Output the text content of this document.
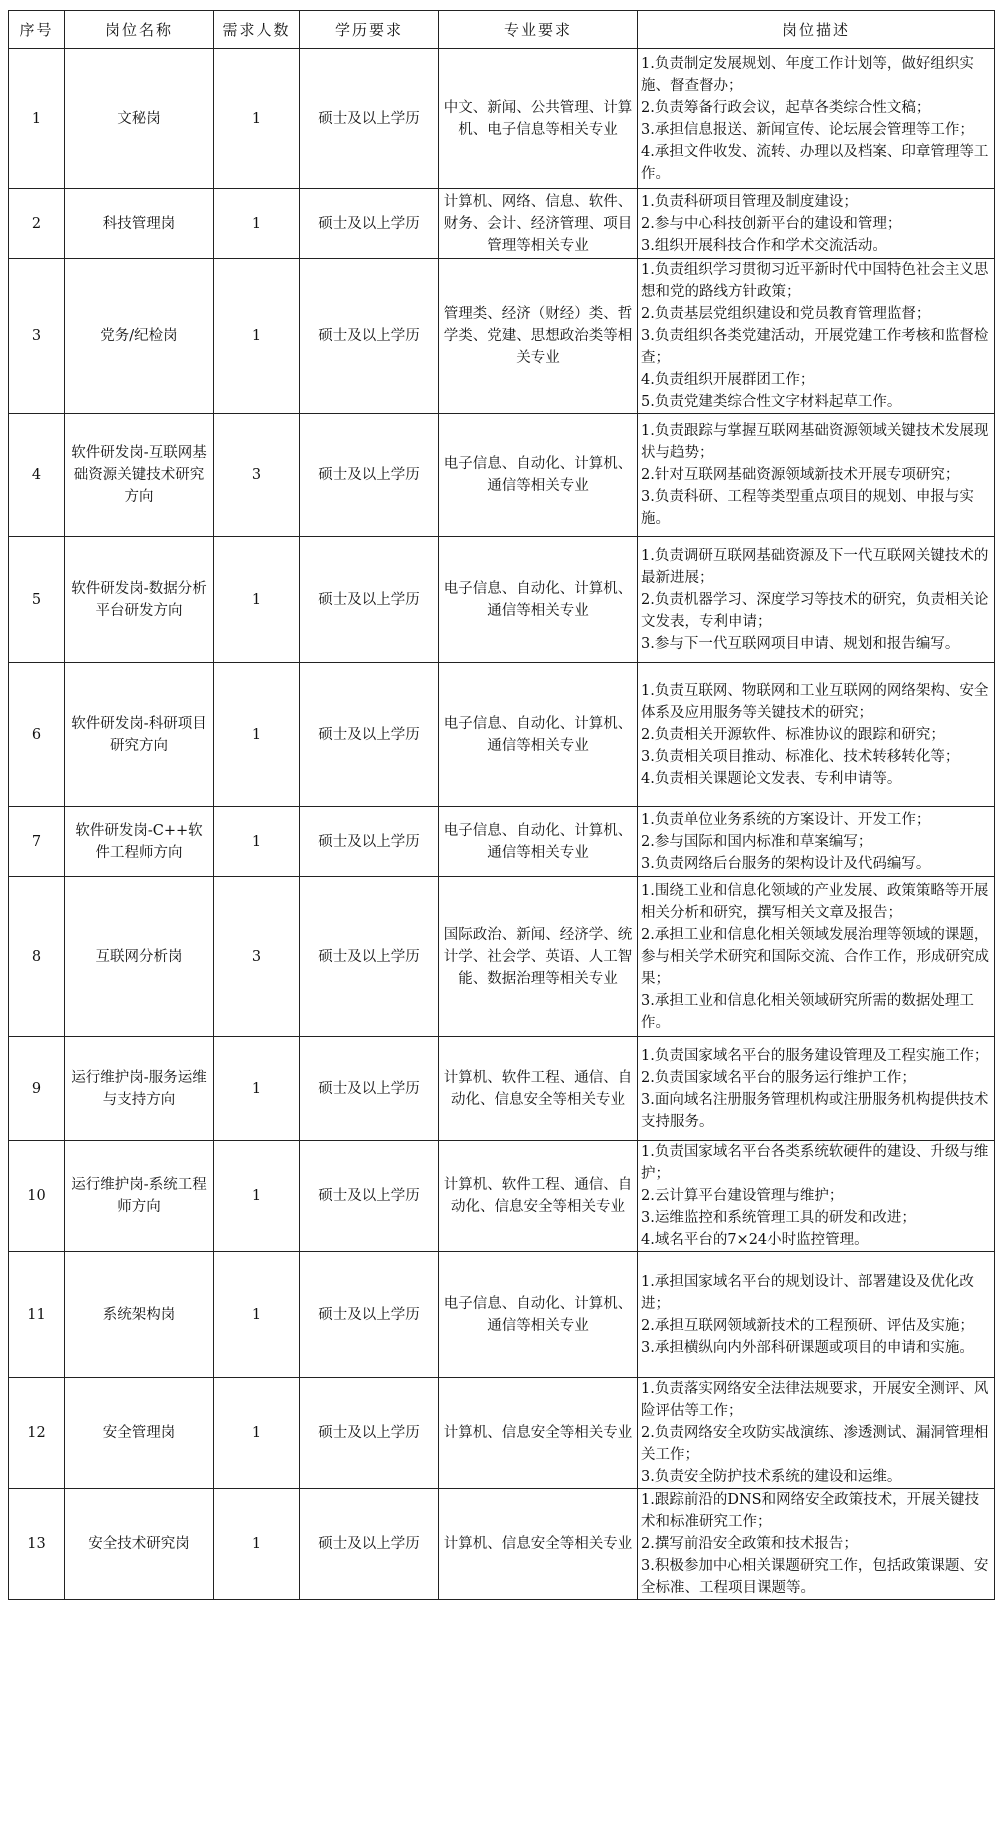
序号	岗位名称	需求人数	学历要求	专业要求	岗位描述
1	文秘岗	1	硕士及以上学历	中文、新闻、公共管理、计算机、电子信息等相关专业	1.负责制定发展规划、年度工作计划等，做好组织实施、督查督办；
2.负责筹备行政会议，起草各类综合性文稿；
3.承担信息报送、新闻宣传、论坛展会管理等工作；
4.承担文件收发、流转、办理以及档案、印章管理等工作。

2	科技管理岗	1	硕士及以上学历	计算机、网络、信息、软件、财务、会计、经济管理、项目管理等相关专业	1.负责科研项目管理及制度建设；
2.参与中心科技创新平台的建设和管理；
3.组织开展科技合作和学术交流活动。

3	党务/纪检岗	1	硕士及以上学历	管理类、经济（财经）类、哲学类、党建、思想政治类等相关专业	1.负责组织学习贯彻习近平新时代中国特色社会主义思想和党的路线方针政策；
2.负责基层党组织建设和党员教育管理监督；
3.负责组织各类党建活动，开展党建工作考核和监督检查；
4.负责组织开展群团工作；
5.负责党建类综合性文字材料起草工作。

4	软件研发岗-互联网基础资源关键技术研究方向	3	硕士及以上学历	电子信息、自动化、计算机、通信等相关专业	1.负责跟踪与掌握互联网基础资源领域关键技术发展现状与趋势；
2.针对互联网基础资源领域新技术开展专项研究；
3.负责科研、工程等类型重点项目的规划、申报与实施。

5	软件研发岗-数据分析平台研发方向	1	硕士及以上学历	电子信息、自动化、计算机、通信等相关专业	1.负责调研互联网基础资源及下一代互联网关键技术的最新进展；
2.负责机器学习、深度学习等技术的研究，负责相关论文发表，专利申请；
3.参与下一代互联网项目申请、规划和报告编写。

6	软件研发岗-科研项目研究方向	1	硕士及以上学历	电子信息、自动化、计算机、通信等相关专业	1.负责互联网、物联网和工业互联网的网络架构、安全体系及应用服务等关键技术的研究；
2.负责相关开源软件、标准协议的跟踪和研究；
3.负责相关项目推动、标准化、技术转移转化等；
4.负责相关课题论文发表、专利申请等。

7	软件研发岗-C++软件工程师方向	1	硕士及以上学历	电子信息、自动化、计算机、通信等相关专业	1.负责单位业务系统的方案设计、开发工作；
2.参与国际和国内标准和草案编写；
3.负责网络后台服务的架构设计及代码编写。

8	互联网分析岗	3	硕士及以上学历	国际政治、新闻、经济学、统计学、社会学、英语、人工智能、数据治理等相关专业	1.围绕工业和信息化领域的产业发展、政策策略等开展相关分析和研究，撰写相关文章及报告；
2.承担工业和信息化相关领域发展治理等领域的课题，参与相关学术研究和国际交流、合作工作，形成研究成果；
3.承担工业和信息化相关领域研究所需的数据处理工作。

9	运行维护岗-服务运维与支持方向	1	硕士及以上学历	计算机、软件工程、通信、自动化、信息安全等相关专业	1.负责国家域名平台的服务建设管理及工程实施工作；
2.负责国家域名平台的服务运行维护工作；
3.面向域名注册服务管理机构或注册服务机构提供技术支持服务。

10	运行维护岗-系统工程师方向	1	硕士及以上学历	计算机、软件工程、通信、自动化、信息安全等相关专业	1.负责国家域名平台各类系统软硬件的建设、升级与维护；
2.云计算平台建设管理与维护；
3.运维监控和系统管理工具的研发和改进；
4.域名平台的7×24小时监控管理。

11	系统架构岗	1	硕士及以上学历	电子信息、自动化、计算机、通信等相关专业	1.承担国家域名平台的规划设计、部署建设及优化改进；
2.承担互联网领域新技术的工程预研、评估及实施；
3.承担横纵向内外部科研课题或项目的申请和实施。

12	安全管理岗	1	硕士及以上学历	计算机、信息安全等相关专业	1.负责落实网络安全法律法规要求，开展安全测评、风险评估等工作；
2.负责网络安全攻防实战演练、渗透测试、漏洞管理相关工作；
3.负责安全防护技术系统的建设和运维。

13	安全技术研究岗	1	硕士及以上学历	计算机、信息安全等相关专业	1.跟踪前沿的DNS和网络安全政策技术，开展关键技术和标准研究工作；
2.撰写前沿安全政策和技术报告；
3.积极参加中心相关课题研究工作，包括政策课题、安全标准、工程项目课题等。
